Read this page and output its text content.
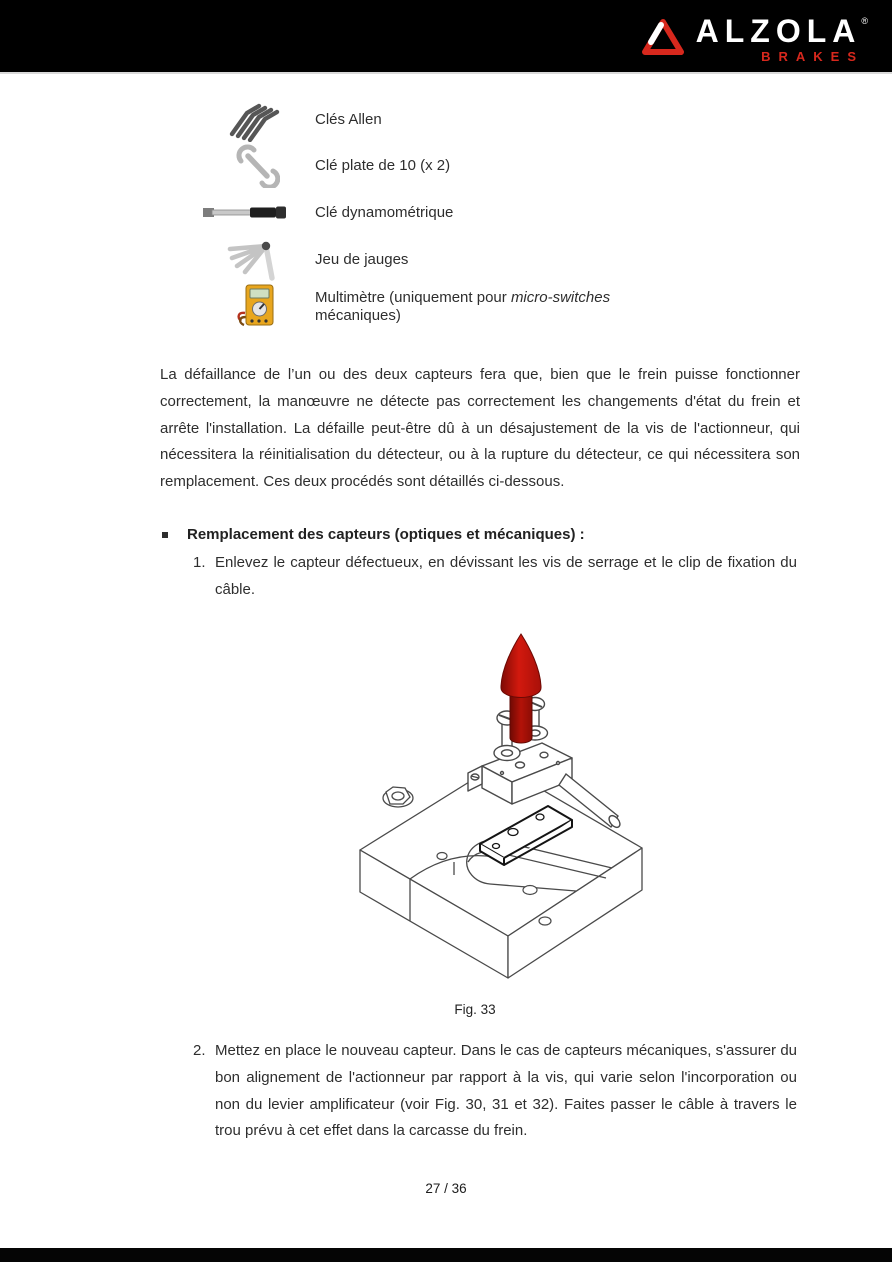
ALZOLA ®
BRAKES
Clés Allen
Clé plate de 10 (x 2)
Clé dynamométrique
Jeu de jauges
Multimètre (uniquement pour micro-switches mécaniques)
La défaillance de l’un ou des deux capteurs fera que, bien que le frein puisse fonctionner correctement, la manœuvre ne détecte pas correctement les changements d'état du frein et arrête l'installation. La défaille peut-être dû à un désajustement de la vis de l'actionneur, qui nécessitera la réinitialisation du détecteur, ou à la rupture du détecteur, ce qui nécessitera son remplacement. Ces deux procédés sont détaillés ci-dessous.
Remplacement des capteurs (optiques et mécaniques) :
1. Enlevez le capteur défectueux, en dévissant les vis de serrage et le clip de fixation du câble.
Fig. 33
2. Mettez en place le nouveau capteur. Dans le cas de capteurs mécaniques, s'assurer du bon alignement de l'actionneur par rapport à la vis, qui varie selon l'incorporation ou non du levier amplificateur (voir Fig. 30, 31 et 32). Faites passer le câble à travers le trou prévu à cet effet dans la carcasse du frein.
27 / 36
